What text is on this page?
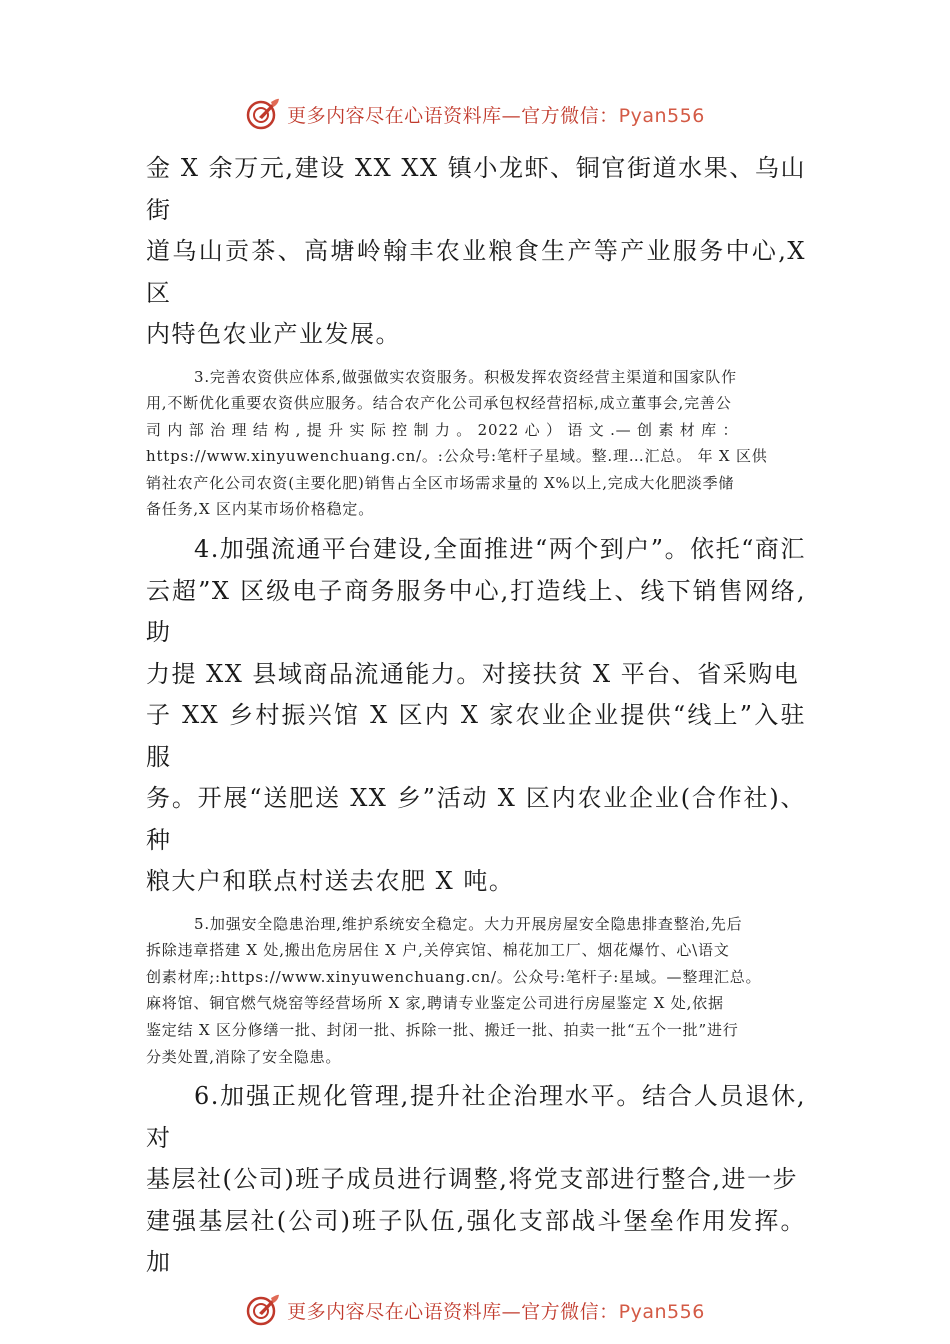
更多内容尽在心语资料库—官方微信：Pyan556

金 X 余万元,建设 XX XX 镇小龙虾、铜官街道水果、乌山街
道乌山贡茶、高塘岭翰丰农业粮食生产等产业服务中心,X 区
内特色农业产业发展。

3.完善农资供应体系,做强做实农资服务。积极发挥农资经营主渠道和国家队作
用,不断优化重要农资供应服务。结合农产化公司承包权经营招标,成立董事会,完善公
司 内 部 治 理 结 构 , 提 升 实 际 控 制 力 。 2022 心 ） 语 文 .— 创 素 材 库 ：
https://www.xinyuwenchuang.cn/。:公众号:笔杆子星域。整.理…汇总。 年 X 区供
销社农产化公司农资(主要化肥)销售占全区市场需求量的 X%以上,完成大化肥淡季储
备任务,X 区内某市场价格稳定。

4.加强流通平台建设,全面推进“两个到户”。依托“商汇
云超”X 区级电子商务服务中心,打造线上、线下销售网络,助
力提 XX 县域商品流通能力。对接扶贫 X 平台、省采购电
子 XX 乡村振兴馆 X 区内 X 家农业企业提供“线上”入驻服
务。开展“送肥送 XX 乡”活动 X 区内农业企业(合作社)、种
粮大户和联点村送去农肥 X 吨。

5.加强安全隐患治理,维护系统安全稳定。大力开展房屋安全隐患排查整治,先后
拆除违章搭建 X 处,搬出危房居住 X 户,关停宾馆、棉花加工厂、烟花爆竹、心\语文
创素材库;:https://www.xinyuwenchuang.cn/。公众号:笔杆子:星域。—整理汇总。
麻将馆、铜官燃气烧窑等经营场所 X 家,聘请专业鉴定公司进行房屋鉴定 X 处,依据
鉴定结 X 区分修缮一批、封闭一批、拆除一批、搬迁一批、拍卖一批“五个一批”进行
分类处置,消除了安全隐患。

6.加强正规化管理,提升社企治理水平。结合人员退休,对
基层社(公司)班子成员进行调整,将党支部进行整合,进一步
建强基层社(公司)班子队伍,强化支部战斗堡垒作用发挥。加

更多内容尽在心语资料库—官方微信：Pyan556
